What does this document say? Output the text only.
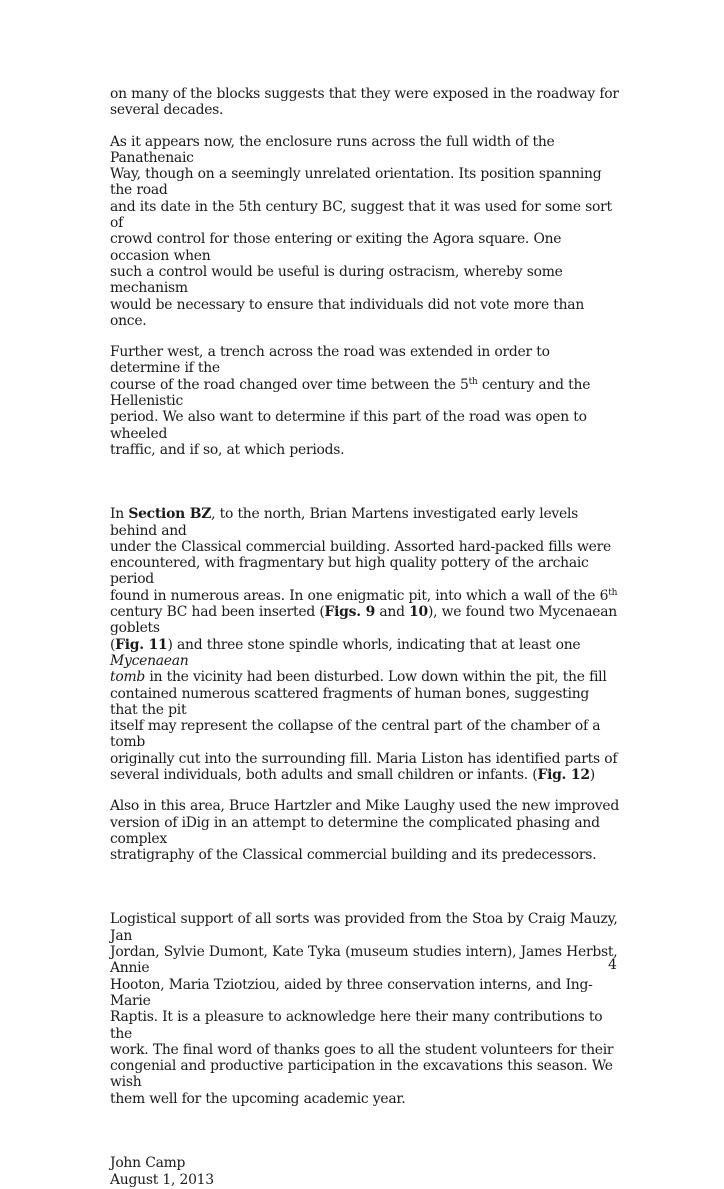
on many of the blocks suggests that they were exposed in the roadway for
several decades.

As it appears now, the enclosure runs across the full width of the Panathenaic
Way, though on a seemingly unrelated orientation. Its position spanning the road
and its date in the 5th century BC, suggest that it was used for some sort of
crowd control for those entering or exiting the Agora square. One occasion when
such a control would be useful is during ostracism, whereby some mechanism
would be necessary to ensure that individuals did not vote more than once.

Further west, a trench across the road was extended in order to determine if the
course of the road changed over time between the 5th century and the Hellenistic
period. We also want to determine if this part of the road was open to wheeled
traffic, and if so, at which periods.

In Section BZ, to the north, Brian Martens investigated early levels behind and
under the Classical commercial building. Assorted hard-packed fills were
encountered, with fragmentary but high quality pottery of the archaic period
found in numerous areas. In one enigmatic pit, into which a wall of the 6th
century BC had been inserted (Figs. 9 and 10), we found two Mycenaean goblets
(Fig. 11) and three stone spindle whorls, indicating that at least one Mycenaean
tomb in the vicinity had been disturbed. Low down within the pit, the fill
contained numerous scattered fragments of human bones, suggesting that the pit
itself may represent the collapse of the central part of the chamber of a tomb
originally cut into the surrounding fill. Maria Liston has identified parts of
several individuals, both adults and small children or infants. (Fig. 12)

Also in this area, Bruce Hartzler and Mike Laughy used the new improved
version of iDig in an attempt to determine the complicated phasing and complex
stratigraphy of the Classical commercial building and its predecessors.

Logistical support of all sorts was provided from the Stoa by Craig Mauzy, Jan
Jordan, Sylvie Dumont, Kate Tyka (museum studies intern), James Herbst, Annie
Hooton, Maria Tziotziou, aided by three conservation interns, and Ing-Marie
Raptis. It is a pleasure to acknowledge here their many contributions to the
work. The final word of thanks goes to all the student volunteers for their
congenial and productive participation in the excavations this season. We wish
them well for the upcoming academic year.

John Camp

August 1, 2013

4
